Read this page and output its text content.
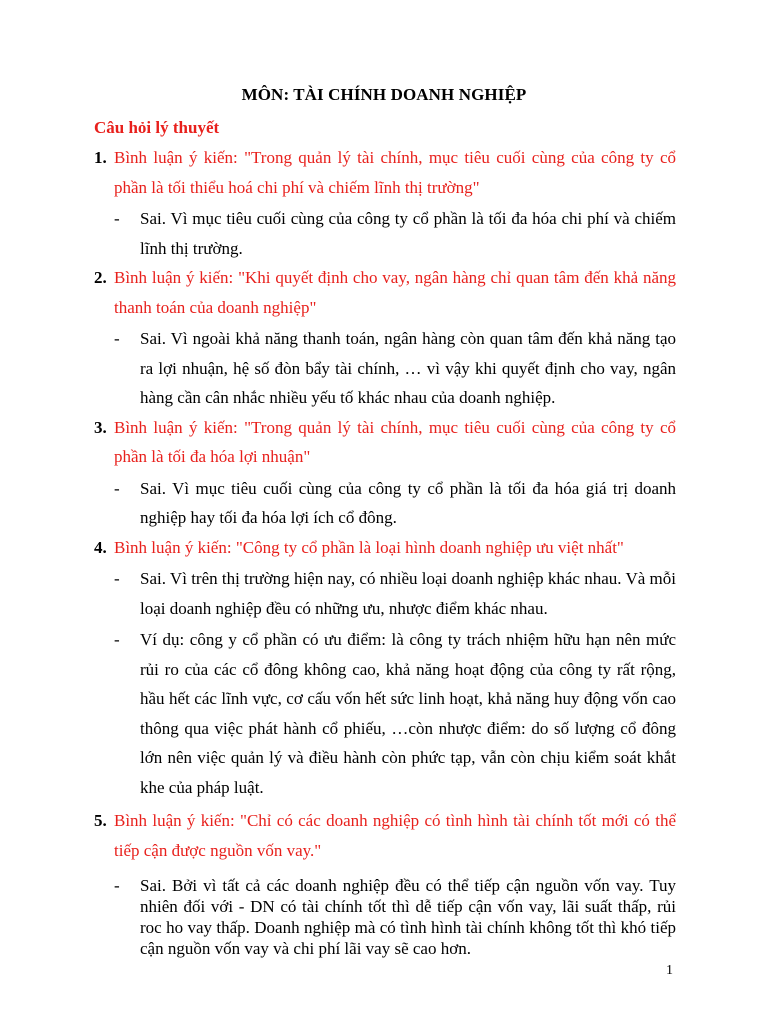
MÔN: TÀI CHÍNH DOANH NGHIỆP
Câu hỏi lý thuyết
1. Bình luận ý kiến: "Trong quản lý tài chính, mục tiêu cuối cùng của công ty cổ phần là tối thiểu hoá chi phí và chiếm lĩnh thị trường"
-	Sai. Vì mục tiêu cuối cùng của công ty cổ phần là tối đa hóa chi phí và chiếm lĩnh thị trường.
2. Bình luận ý kiến: "Khi quyết định cho vay, ngân hàng chỉ quan tâm đến khả năng thanh toán của doanh nghiệp"
-	Sai. Vì ngoài khả năng thanh toán, ngân hàng còn quan tâm đến khả năng tạo ra lợi nhuận, hệ số đòn bẩy tài chính, … vì vậy khi quyết định cho vay, ngân hàng cần cân nhắc nhiều yếu tố khác nhau của doanh nghiệp.
3. Bình luận ý kiến: "Trong quản lý tài chính, mục tiêu cuối cùng của công ty cổ phần là tối đa hóa lợi nhuận"
-	Sai. Vì mục tiêu cuối cùng của công ty cổ phần là tối đa hóa giá trị doanh nghiệp hay tối đa hóa lợi ích cổ đông.
4. Bình luận ý kiến: "Công ty cổ phần là loại hình doanh nghiệp ưu việt nhất"
-	Sai. Vì trên thị trường hiện nay, có nhiều loại doanh nghiệp khác nhau. Và mỗi loại doanh nghiệp đều có những ưu, nhược điểm khác nhau.
-	Ví dụ: công y cổ phần có ưu điểm: là công ty trách nhiệm hữu hạn nên mức rủi ro của các cổ đông không cao, khả năng hoạt động của công ty rất rộng, hầu hết các lĩnh vực, cơ cấu vốn hết sức linh hoạt, khả năng huy động vốn cao thông qua việc phát hành cổ phiếu, …còn nhược điểm: do số lượng cổ đông lớn nên việc quản lý và điều hành còn phức tạp, vẫn còn chịu kiểm soát khắt khe của pháp luật.
5. Bình luận ý kiến: "Chỉ có các doanh nghiệp có tình hình tài chính tốt mới có thể tiếp cận được nguồn vốn vay."
-	Sai. Bởi vì tất cả các doanh nghiệp đều có thể tiếp cận nguồn vốn vay. Tuy nhiên đối với - DN có tài chính tốt thì dễ tiếp cận vốn vay, lãi suất thấp, rủi roc ho vay thấp. Doanh nghiệp mà có tình hình tài chính không tốt thì khó tiếp cận nguồn vốn vay và chi phí lãi vay sẽ cao hơn.
1
